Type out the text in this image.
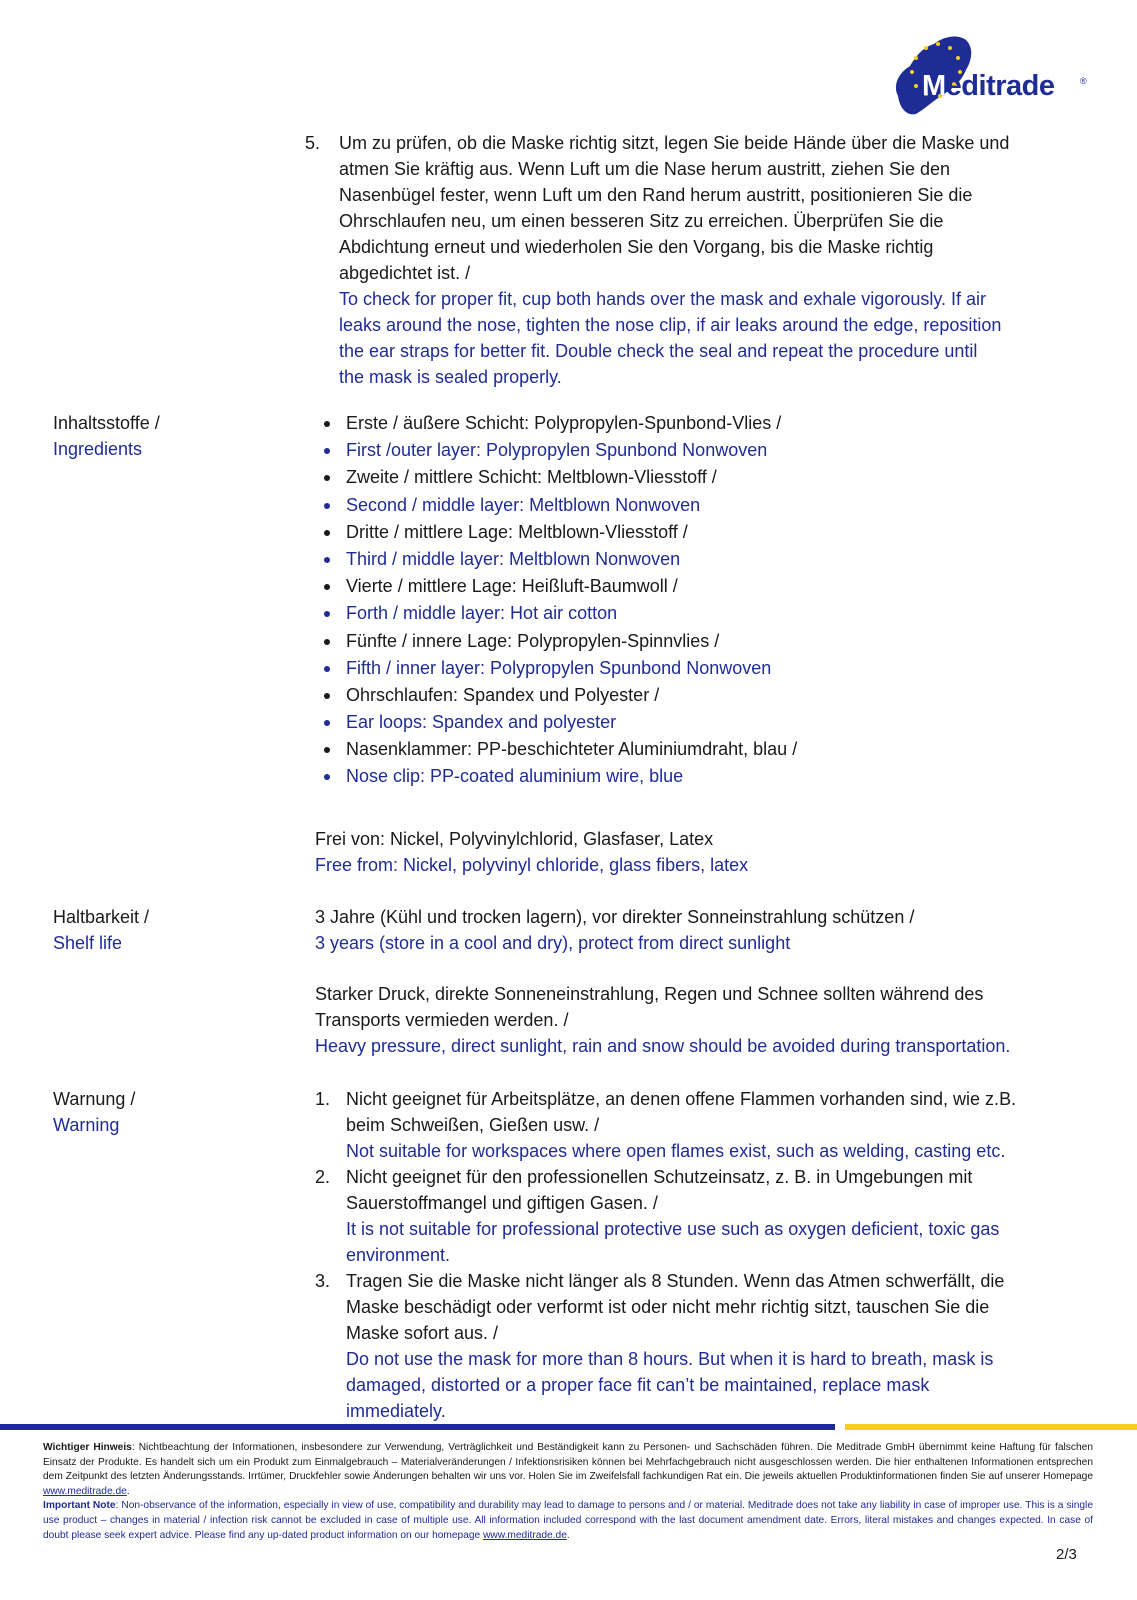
Meditrade	®
5. Um zu prüfen, ob die Maske richtig sitzt, legen Sie beide Hände über die Maske und
atmen Sie kräftig aus. Wenn Luft um die Nase herum austritt, ziehen Sie den
Nasenbügel fester, wenn Luft um den Rand herum austritt, positionieren Sie die
Ohrschlaufen neu, um einen besseren Sitz zu erreichen. Überprüfen Sie die
Abdichtung erneut und wiederholen Sie den Vorgang, bis die Maske richtig
abgedichtet ist. /
To check for proper fit, cup both hands over the mask and exhale vigorously. If air
leaks around the nose, tighten the nose clip, if air leaks around the edge, reposition
the ear straps for better fit. Double check the seal and repeat the procedure until
the mask is sealed properly.
Inhaltsstoffe /
Ingredients
Erste / äußere Schicht: Polypropylen-Spunbond-Vlies /
First /outer layer: Polypropylen Spunbond Nonwoven
Zweite / mittlere Schicht: Meltblown-Vliesstoff /
Second / middle layer: Meltblown Nonwoven
Dritte / mittlere Lage: Meltblown-Vliesstoff /
Third / middle layer: Meltblown Nonwoven
Vierte / mittlere Lage: Heißluft-Baumwoll /
Forth / middle layer: Hot air cotton
Fünfte / innere Lage: Polypropylen-Spinnvlies /
Fifth / inner layer: Polypropylen Spunbond Nonwoven
Ohrschlaufen: Spandex und Polyester /
Ear loops: Spandex and polyester
Nasenklammer: PP-beschichteter Aluminiumdraht, blau /
Nose clip: PP-coated aluminium wire, blue
Frei von: Nickel, Polyvinylchlorid, Glasfaser, Latex
Free from: Nickel, polyvinyl chloride, glass fibers, latex
Haltbarkeit /
Shelf life
3 Jahre (Kühl und trocken lagern), vor direkter Sonneinstrahlung schützen /
3 years (store in a cool and dry), protect from direct sunlight
Starker Druck, direkte Sonneneinstrahlung, Regen und Schnee sollten während des
Transports vermieden werden. /
Heavy pressure, direct sunlight, rain and snow should be avoided during transportation.
Warnung /
Warning
1. Nicht geeignet für Arbeitsplätze, an denen offene Flammen vorhanden sind, wie z.B.
beim Schweißen, Gießen usw. /
Not suitable for workspaces where open flames exist, such as welding, casting etc.
2. Nicht geeignet für den professionellen Schutzeinsatz, z. B. in Umgebungen mit
Sauerstoffmangel und giftigen Gasen. /
It is not suitable for professional protective use such as oxygen deficient, toxic gas
environment.
3. Tragen Sie die Maske nicht länger als 8 Stunden. Wenn das Atmen schwerfällt, die
Maske beschädigt oder verformt ist oder nicht mehr richtig sitzt, tauschen Sie die
Maske sofort aus. /
Do not use the mask for more than 8 hours. But when it is hard to breath, mask is
damaged, distorted or a proper face fit can’t be maintained, replace mask
immediately.
Wichtiger Hinweis: Nichtbeachtung der Informationen, insbesondere zur Verwendung, Verträglichkeit und Beständigkeit kann zu Personen- und Sachschäden führen. Die Meditrade GmbH übernimmt keine Haftung für falschen Einsatz der Produkte. Es handelt sich um ein Produkt zum Einmalgebrauch – Materialveränderungen / Infektionsrisiken können bei Mehrfachgebrauch nicht ausgeschlossen werden. Die hier enthaltenen Informationen entsprechen dem Zeitpunkt des letzten Änderungsstands. Irrtümer, Druckfehler sowie Änderungen behalten wir uns vor. Holen Sie im Zweifelsfall fachkundigen Rat ein. Die jeweils aktuellen Produktinformationen finden Sie auf unserer Homepage www.meditrade.de.
Important Note: Non-observance of the information, especially in view of use, compatibility and durability may lead to damage to persons and / or material. Meditrade does not take any liability in case of improper use. This is a single use product – changes in material / infection risk cannot be excluded in case of multiple use. All information included correspond with the last document amendment date. Errors, literal mistakes and changes expected. In case of doubt please seek expert advice. Please find any up-dated product information on our homepage www.meditrade.de.
2/3
